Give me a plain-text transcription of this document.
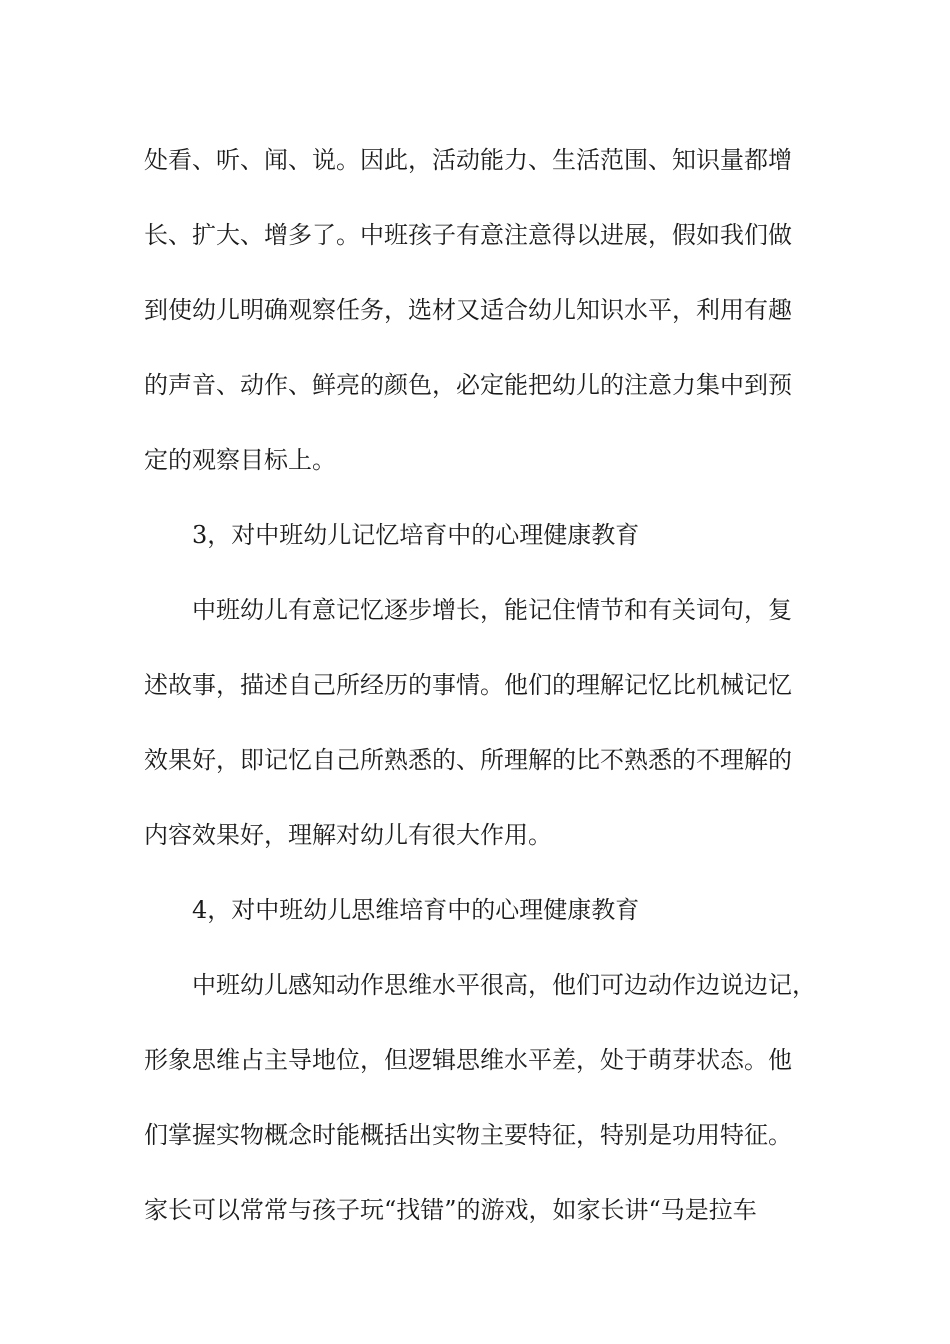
处看、听、闻、说。因此，活动能力、生活范围、知识量都增
长、扩大、增多了。中班孩子有意注意得以进展，假如我们做
到使幼儿明确观察任务，选材又适合幼儿知识水平，利用有趣
的声音、动作、鲜亮的颜色，必定能把幼儿的注意力集中到预
定的观察目标上。
3，对中班幼儿记忆培育中的心理健康教育
中班幼儿有意记忆逐步增长，能记住情节和有关词句，复
述故事，描述自己所经历的事情。他们的理解记忆比机械记忆
效果好，即记忆自己所熟悉的、所理解的比不熟悉的不理解的
内容效果好，理解对幼儿有很大作用。
4，对中班幼儿思维培育中的心理健康教育
中班幼儿感知动作思维水平很高，他们可边动作边说边记，
形象思维占主导地位，但逻辑思维水平差，处于萌芽状态。他
们掌握实物概念时能概括出实物主要特征，特别是功用特征。
家长可以常常与孩子玩“找错”的游戏，如家长讲“马是拉车
